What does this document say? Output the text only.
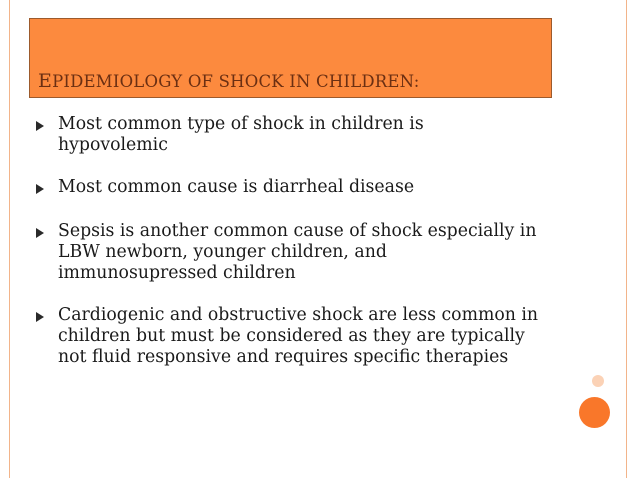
EPIDEMIOLOGY OF SHOCK IN CHILDREN:
Most common type of shock in children is hypovolemic
Most common cause is diarrheal disease
Sepsis is another common cause of shock especially in LBW newborn, younger children, and immunosupressed children
Cardiogenic and obstructive shock are less common in children but must be considered as they are typically not fluid responsive and requires specific therapies
